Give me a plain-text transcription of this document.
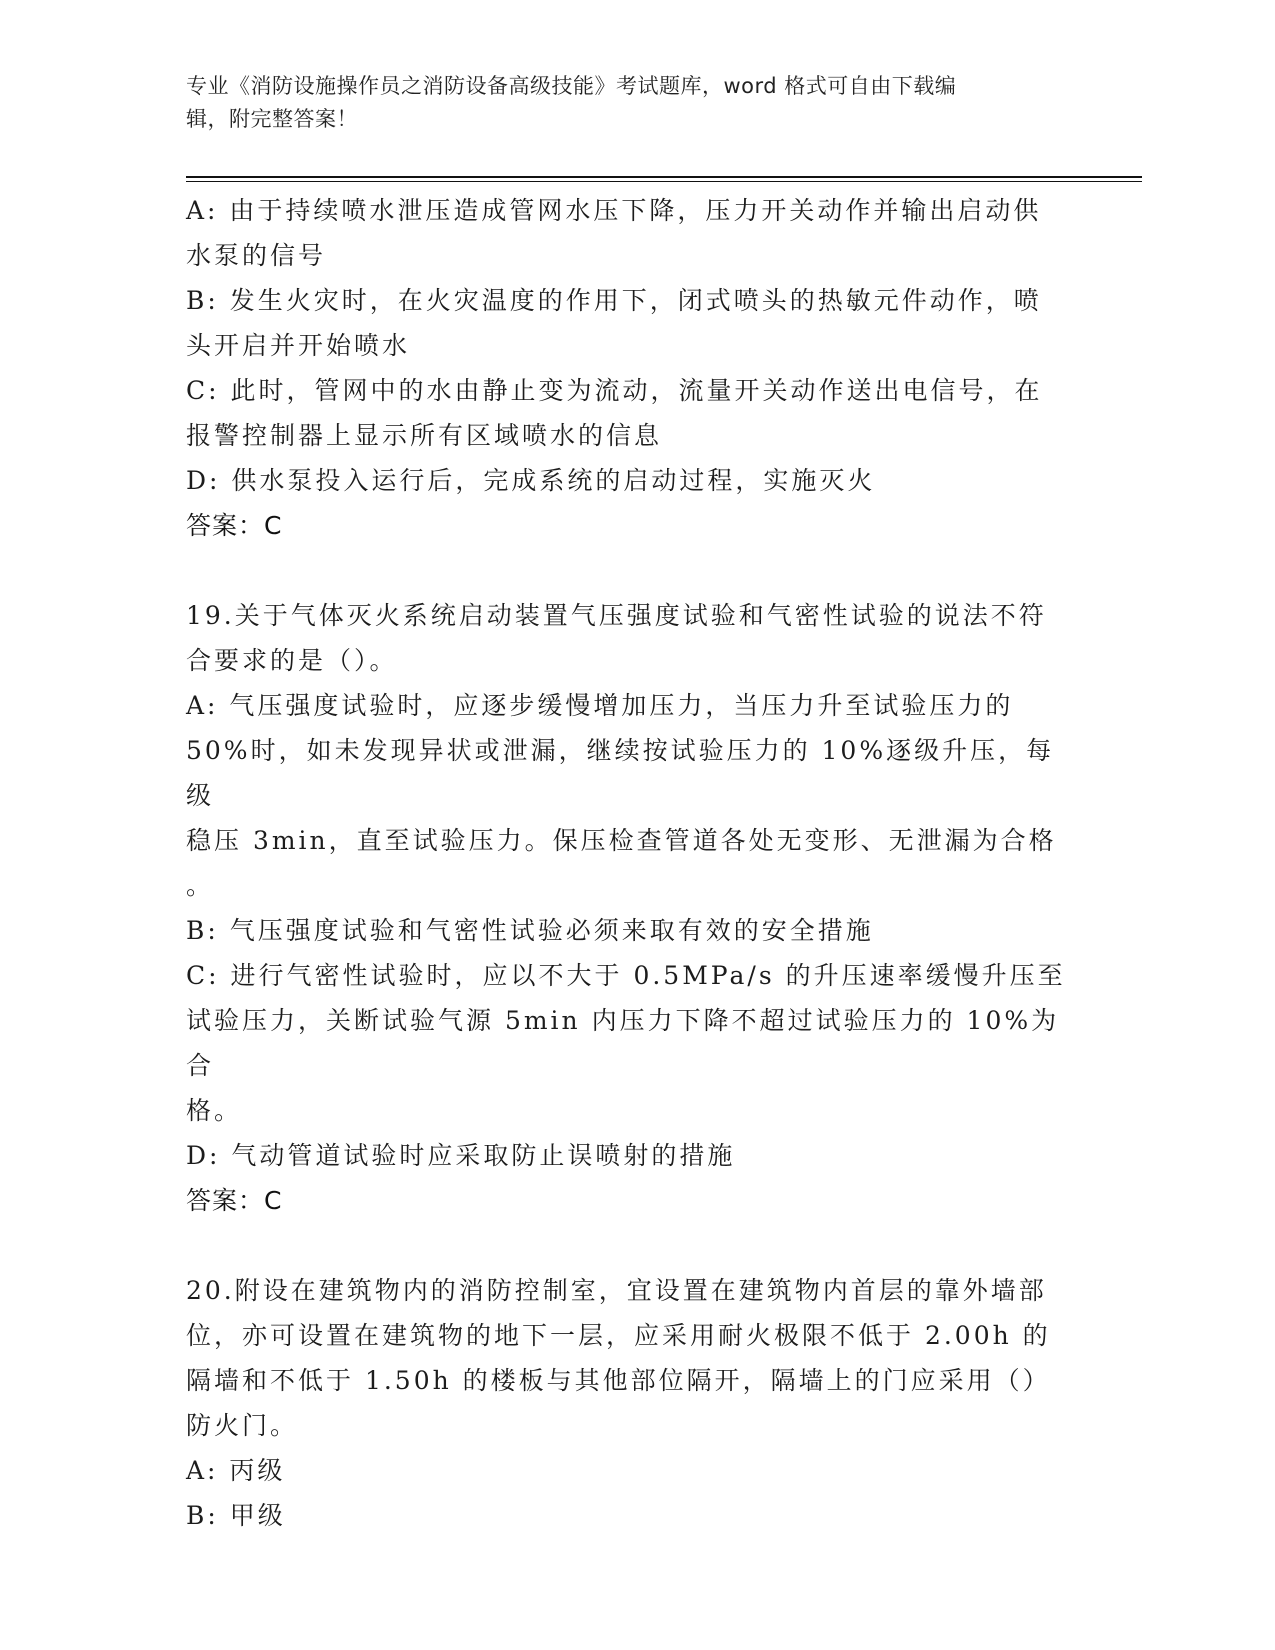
专业《消防设施操作员之消防设备高级技能》考试题库，word 格式可自由下载编
辑，附完整答案！

A: 由于持续喷水泄压造成管网水压下降，压力开关动作并输出启动供

水泵的信号

B: 发生火灾时，在火灾温度的作用下，闭式喷头的热敏元件动作，喷

头开启并开始喷水

C: 此时，管网中的水由静止变为流动，流量开关动作送出电信号，在

报警控制器上显示所有区域喷水的信息

D: 供水泵投入运行后，完成系统的启动过程，实施灭火

答案：C

19.关于气体灭火系统启动装置气压强度试验和气密性试验的说法不符

合要求的是（）。

A: 气压强度试验时，应逐步缓慢增加压力，当压力升至试验压力的

50%时，如未发现异状或泄漏，继续按试验压力的 10%逐级升压，每级

稳压 3min，直至试验压力。保压检查管道各处无变形、无泄漏为合格

。

B: 气压强度试验和气密性试验必须来取有效的安全措施

C: 进行气密性试验时，应以不大于 0.5MPa/s 的升压速率缓慢升压至

试验压力，关断试验气源 5min 内压力下降不超过试验压力的 10%为合

格。

D: 气动管道试验时应采取防止误喷射的措施

答案：C

20.附设在建筑物内的消防控制室，宜设置在建筑物内首层的靠外墙部

位，亦可设置在建筑物的地下一层，应采用耐火极限不低于 2.00h 的

隔墙和不低于 1.50h 的楼板与其他部位隔开，隔墙上的门应采用（）

防火门。

A: 丙级

B: 甲级
